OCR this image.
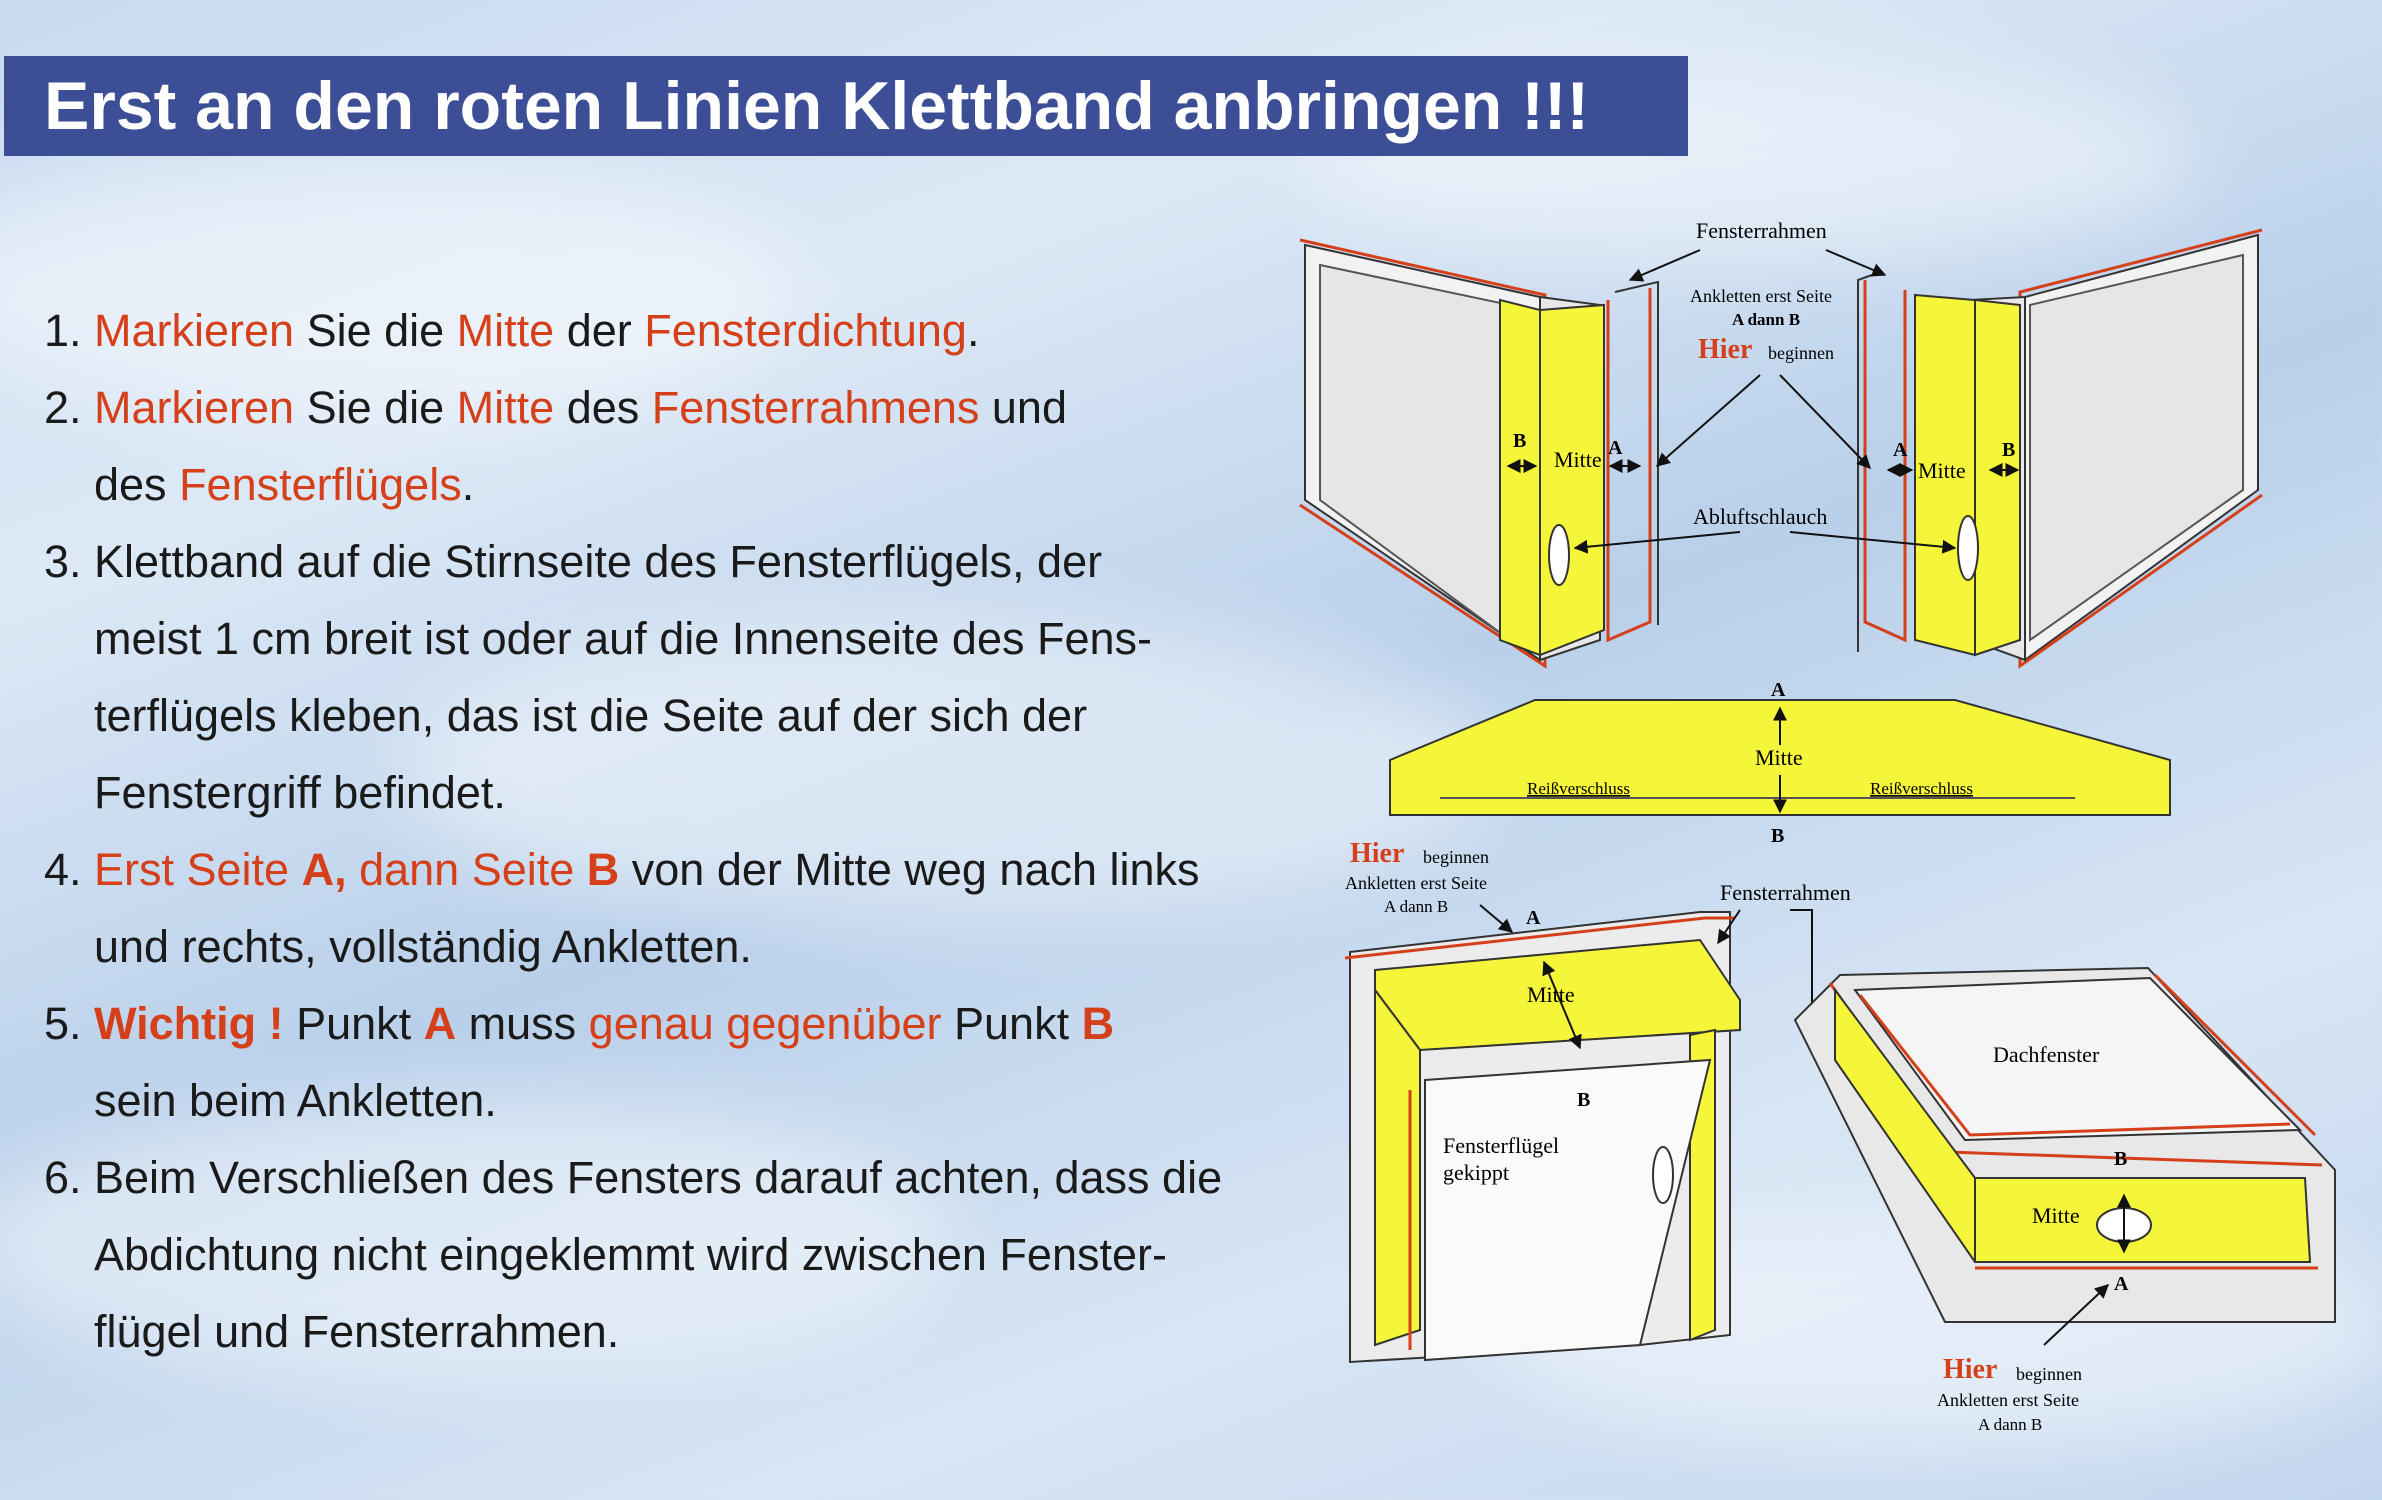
Erst an den roten Linien Klettband anbringen !!!
1. Markieren Sie die Mitte der Fensterdichtung.
2. Markieren Sie die Mitte des Fensterrahmens und
des Fensterflügels.
3. Klettband auf die Stirnseite des Fensterflügels, der
meist 1 cm breit ist oder auf die Innenseite des Fens-
terflügels kleben, das ist die Seite auf der sich der
Fenstergriff befindet.
4. Erst Seite A, dann Seite B von der Mitte weg nach links
und rechts, vollständig Ankletten.
5. Wichtig ! Punkt A muss genau gegenüber Punkt B
sein beim Ankletten.
6. Beim Verschließen des Fensters darauf achten, dass die
Abdichtung nicht eingeklemmt wird zwischen Fenster-
flügel und Fensterrahmen.
B	A
Mitte	A	B
Mitte
Fensterrahmen
Ankletten erst Seite
A dann B
Hier beginnen
Abluftschlauch
A
Mitte
B
Reißverschluss	Reißverschluss
Hier beginnen
Ankletten erst Seite
A dann B
A
Mitte
B
Fensterflügel
gekippt
Fensterrahmen
Dachfenster
B
Mitte
A
Hier beginnen
Ankletten erst Seite
A dann B
